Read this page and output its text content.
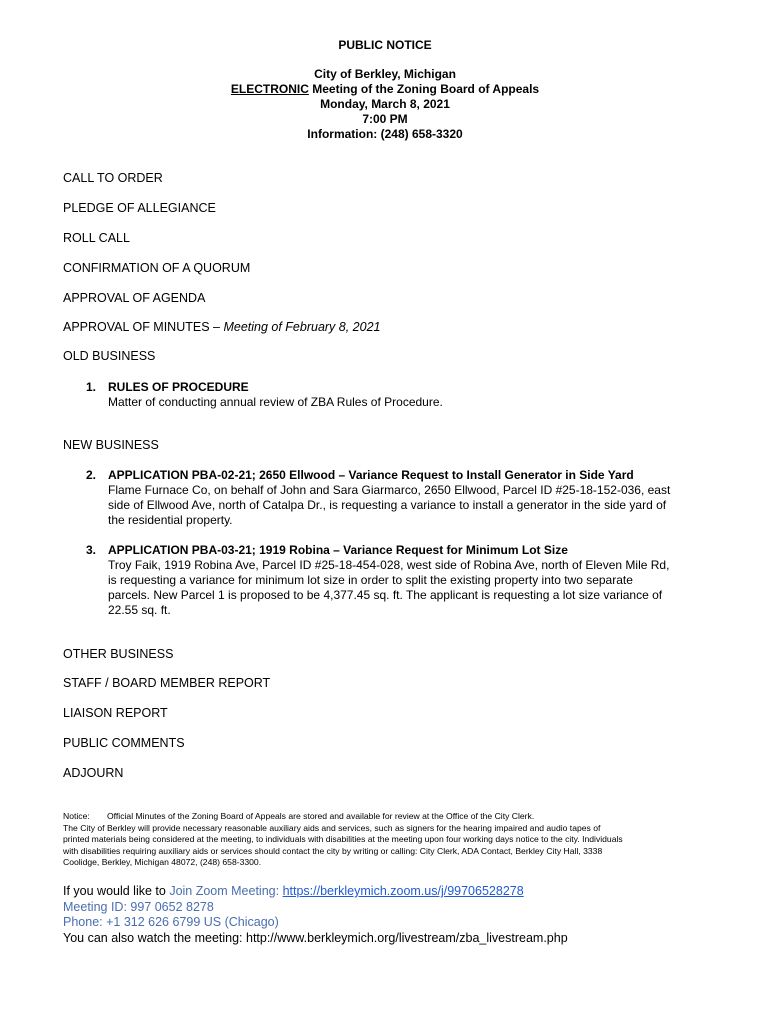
PUBLIC NOTICE
City of Berkley, Michigan
ELECTRONIC Meeting of the Zoning Board of Appeals
Monday, March 8, 2021
7:00 PM
Information: (248) 658-3320
CALL TO ORDER
PLEDGE OF ALLEGIANCE
ROLL CALL
CONFIRMATION OF A QUORUM
APPROVAL OF AGENDA
APPROVAL OF MINUTES – Meeting of February 8, 2021
OLD BUSINESS
1. RULES OF PROCEDURE
Matter of conducting annual review of ZBA Rules of Procedure.
NEW BUSINESS
2. APPLICATION PBA-02-21; 2650 Ellwood – Variance Request to Install Generator in Side Yard
Flame Furnace Co, on behalf of John and Sara Giarmarco, 2650 Ellwood, Parcel ID #25-18-152-036, east
side of Ellwood Ave, north of Catalpa Dr., is requesting a variance to install a generator in the side yard of
the residential property.
3. APPLICATION PBA-03-21; 1919 Robina – Variance Request for Minimum Lot Size
Troy Faik, 1919 Robina Ave, Parcel ID #25-18-454-028, west side of Robina Ave, north of Eleven Mile Rd,
is requesting a variance for minimum lot size in order to split the existing property into two separate
parcels. New Parcel 1 is proposed to be 4,377.45 sq. ft. The applicant is requesting a lot size variance of
22.55 sq. ft.
OTHER BUSINESS
STAFF / BOARD MEMBER REPORT
LIAISON REPORT
PUBLIC COMMENTS
ADJOURN
Notice: Official Minutes of the Zoning Board of Appeals are stored and available for review at the Office of the City Clerk.
The City of Berkley will provide necessary reasonable auxiliary aids and services, such as signers for the hearing impaired and audio tapes of
printed materials being considered at the meeting, to individuals with disabilities at the meeting upon four working days notice to the city. Individuals
with disabilities requiring auxiliary aids or services should contact the city by writing or calling: City Clerk, ADA Contact, Berkley City Hall, 3338
Coolidge, Berkley, Michigan 48072, (248) 658-3300.
If you would like to Join Zoom Meeting: https://berkleymich.zoom.us/j/99706528278
Meeting ID: 997 0652 8278
Phone: +1 312 626 6799 US (Chicago)
You can also watch the meeting: http://www.berkleymich.org/livestream/zba_livestream.php
